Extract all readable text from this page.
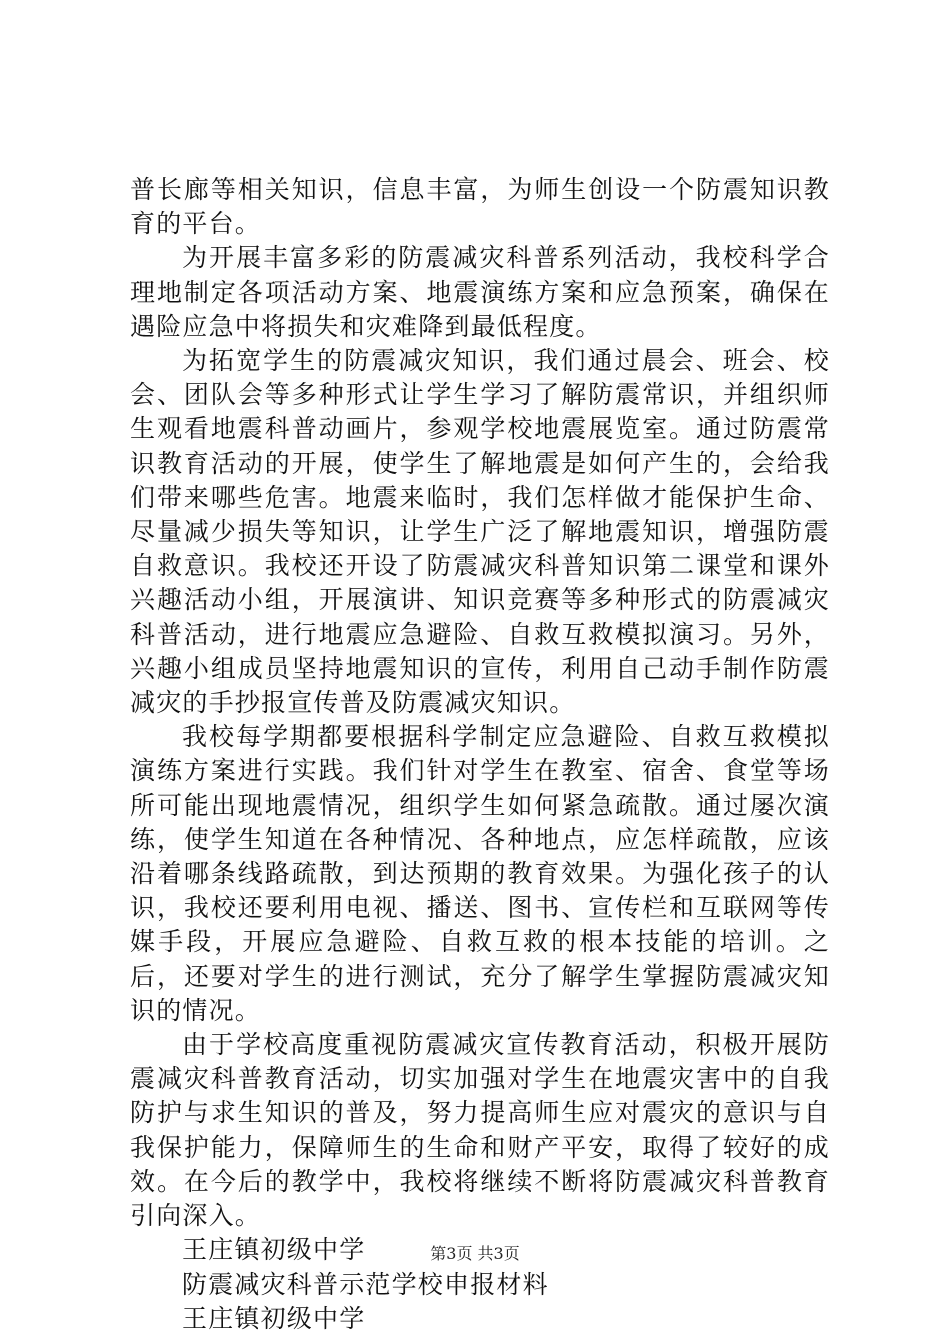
普长廊等相关知识，信息丰富，为师生创设一个防震知识教育的平台。

为开展丰富多彩的防震减灾科普系列活动，我校科学合理地制定各项活动方案、地震演练方案和应急预案，确保在遇险应急中将损失和灾难降到最低程度。

为拓宽学生的防震减灾知识，我们通过晨会、班会、校会、团队会等多种形式让学生学习了解防震常识，并组织师生观看地震科普动画片，参观学校地震展览室。通过防震常识教育活动的开展，使学生了解地震是如何产生的，会给我们带来哪些危害。地震来临时，我们怎样做才能保护生命、尽量减少损失等知识，让学生广泛了解地震知识，增强防震自救意识。我校还开设了防震减灾科普知识第二课堂和课外兴趣活动小组，开展演讲、知识竞赛等多种形式的防震减灾科普活动，进行地震应急避险、自救互救模拟演习。另外，兴趣小组成员坚持地震知识的宣传，利用自己动手制作防震减灾的手抄报宣传普及防震减灾知识。

我校每学期都要根据科学制定应急避险、自救互救模拟演练方案进行实践。我们针对学生在教室、宿舍、食堂等场所可能出现地震情况，组织学生如何紧急疏散。通过屡次演练，使学生知道在各种情况、各种地点，应怎样疏散，应该沿着哪条线路疏散，到达预期的教育效果。为强化孩子的认识，我校还要利用电视、播送、图书、宣传栏和互联网等传媒手段，开展应急避险、自救互救的根本技能的培训。之后，还要对学生的进行测试，充分了解学生掌握防震减灾知识的情况。

由于学校高度重视防震减灾宣传教育活动，积极开展防震减灾科普教育活动，切实加强对学生在地震灾害中的自我防护与求生知识的普及，努力提高师生应对震灾的意识与自我保护能力，保障师生的生命和财产平安，取得了较好的成效。在今后的教学中，我校将继续不断将防震减灾科普教育引向深入。

王庄镇初级中学

防震减灾科普示范学校申报材料

王庄镇初级中学

第3页 共3页
